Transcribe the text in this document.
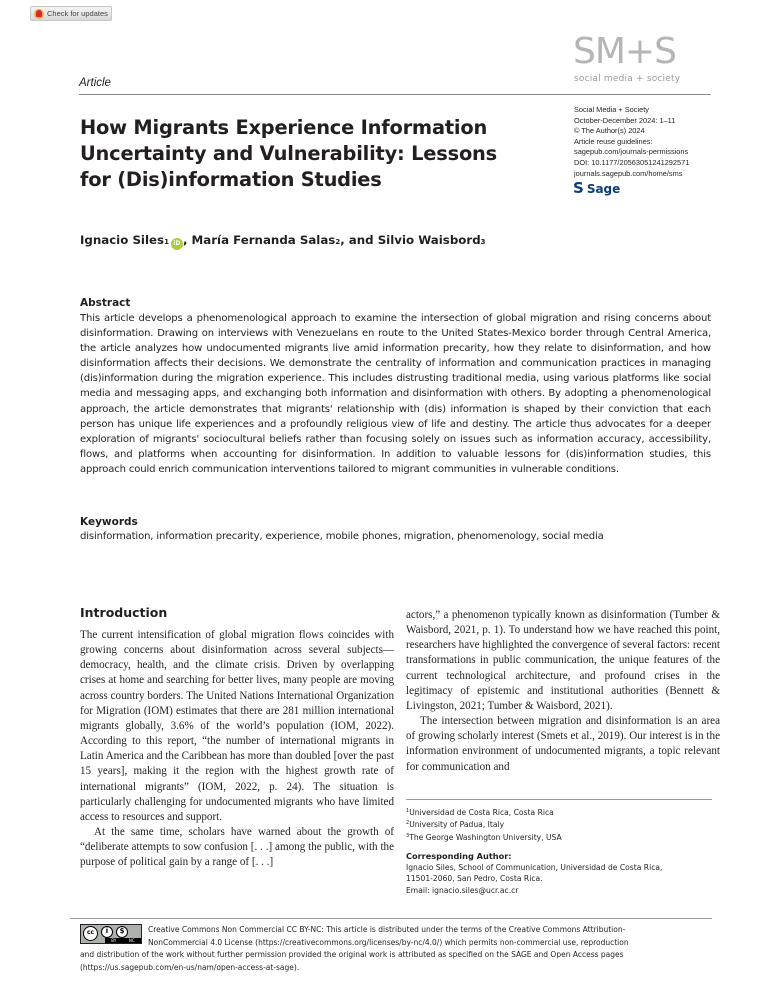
Check for updates
Article
SM+S
social media + society
Social Media + Society
October-December 2024: 1–11
© The Author(s) 2024
Article reuse guidelines:
sagepub.com/journals-permissions
DOI: 10.1177/20563051241292571
journals.sagepub.com/home/sms
S Sage
How Migrants Experience Information
Uncertainty and Vulnerability: Lessons
for (Dis)information Studies
Ignacio Siles 1 iD , María Fernanda Salas 2 , and Silvio Waisbord 3
Abstract

This article develops a phenomenological approach to examine the intersection of global migration and rising concerns about disinformation. Drawing on interviews with Venezuelans en route to the United States-Mexico border through Central America, the article analyzes how undocumented migrants live amid information precarity, how they relate to disinformation, and how disinformation affects their decisions. We demonstrate the centrality of information and communication practices in managing (dis)information during the migration experience. This includes distrusting traditional media, using various platforms like social media and messaging apps, and exchanging both information and disinformation with others. By adopting a phenomenological approach, the article demonstrates that migrants' relationship with (dis) information is shaped by their conviction that each person has unique life experiences and a profoundly religious view of life and destiny. The article thus advocates for a deeper exploration of migrants' sociocultural beliefs rather than focusing solely on issues such as information accuracy, accessibility, flows, and platforms when accounting for disinformation. In addition to valuable lessons for (dis)information studies, this approach could enrich communication interventions tailored to migrant communities in vulnerable conditions.

Keywords
disinformation, information precarity, experience, mobile phones, migration, phenomenology, social media
Introduction

The current intensification of global migration flows coincides with growing concerns about disinformation across several subjects—democracy, health, and the climate crisis. Driven by overlapping crises at home and searching for better lives, many people are moving across country borders. The United Nations International Organization for Migration (IOM) estimates that there are 281 million international migrants globally, 3.6% of the world’s population (IOM, 2022). According to this report, “the number of international migrants in Latin America and the Caribbean has more than doubled [over the past 15 years], making it the region with the highest growth rate of international migrants” (IOM, 2022, p. 24). The situation is particularly challenging for undocumented migrants who have limited access to resources and support.

At the same time, scholars have warned about the growth of “deliberate attempts to sow confusion [. . .] among the public, with the purpose of political gain by a range of [. . .]

actors,” a phenomenon typically known as disinformation (Tumber & Waisbord, 2021, p. 1). To understand how we have reached this point, researchers have highlighted the convergence of several factors: recent transformations in public communication, the unique features of the current technological architecture, and profound crises in the legitimacy of epistemic and institutional authorities (Bennett & Livingston, 2021; Tumber & Waisbord, 2021).

The intersection between migration and disinformation is an area of growing scholarly interest (Smets et al., 2019). Our interest is in the information environment of undocumented migrants, a topic relevant for communication and

$^1$Universidad de Costa Rica, Costa Rica
$^2$University of Padua, Italy
$^3$The George Washington University, USA
Corresponding Author:
Ignacio Siles, School of Communication, Universidad de Costa Rica,
11501-2060, San Pedro, Costa Rica.
Email: ignacio.siles@ucr.ac.cr
cc	i	$
BY	NC
Creative Commons Non Commercial CC BY-NC: This article is distributed under the terms of the Creative Commons Attribution-
NonCommercial 4.0 License (https://creativecommons.org/licenses/by-nc/4.0/) which permits non-commercial use, reproduction
and distribution of the work without further permission provided the original work is attributed as specified on the SAGE and Open Access pages
(https://us.sagepub.com/en-us/nam/open-access-at-sage).
